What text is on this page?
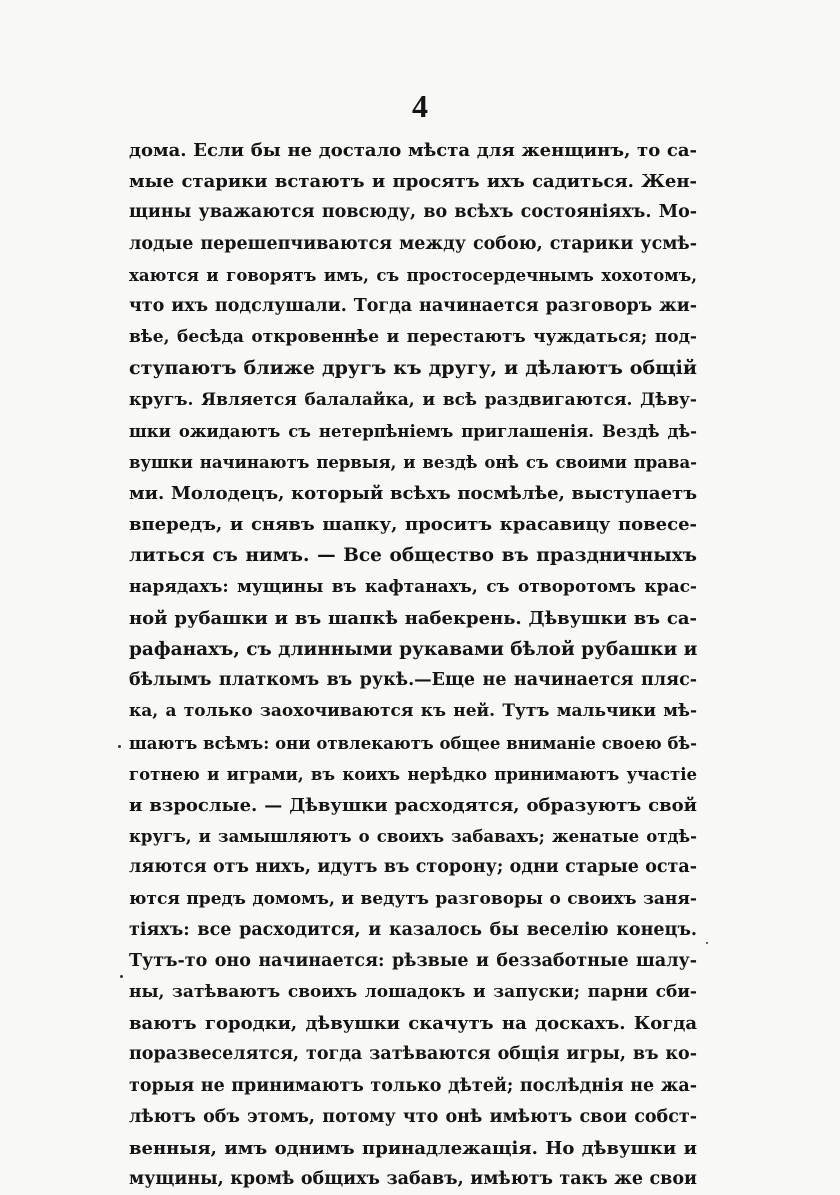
4
дома. Если бы не достало мѣста для женщинъ, то са-
мые старики встаютъ и просятъ ихъ садиться. Жен-
щины уважаются повсюду, во всѣхъ состояніяхъ. Мо-
лодые перешепчиваются между собою, старики усмѣ-
хаются и говорятъ имъ, съ простосердечнымъ хохотомъ,
что ихъ подслушали. Тогда начинается разговоръ жи-
вѣе, бесѣда откровеннѣе и перестаютъ чуждаться; под-
ступаютъ ближе другъ къ другу, и дѣлаютъ общій
кругъ. Является балалайка, и всѣ раздвигаются. Дѣву-
шки ожидаютъ съ нетерпѣніемъ приглашенія. Вездѣ дѣ-
вушки начинаютъ первыя, и вездѣ онѣ съ своими права-
ми. Молодецъ, который всѣхъ посмѣлѣе, выступаетъ
впередъ, и снявъ шапку, проситъ красавицу повесе-
литься съ нимъ. — Все общество въ праздничныхъ
нарядахъ: мущины въ кафтанахъ, съ отворотомъ крас-
ной рубашки и въ шапкѣ набекрень. Дѣвушки въ са-
рафанахъ, съ длинными рукавами бѣлой рубашки и
бѣлымъ платкомъ въ рукѣ.—Еще не начинается пляс-
ка, а только заохочиваются къ ней. Тутъ мальчики мѣ-
шаютъ всѣмъ: они отвлекаютъ общее вниманіе своею бѣ-
готнею и играми, въ коихъ нерѣдко принимаютъ участіе
и взрослые. — Дѣвушки расходятся, образуютъ свой
кругъ, и замышляютъ о своихъ забавахъ; женатые отдѣ-
ляются отъ нихъ, идутъ въ сторону; одни старые оста-
ются предъ домомъ, и ведутъ разговоры о своихъ заня-
тіяхъ: все расходится, и казалось бы веселію конецъ.
Тутъ-то оно начинается: рѣзвые и беззаботные шалу-
ны, затѣваютъ своихъ лошадокъ и запуски; парни сби-
ваютъ городки, дѣвушки скачутъ на доскахъ. Когда
поразвеселятся, тогда затѣваются общія игры, въ ко-
торыя не принимаютъ только дѣтей; послѣднія не жа-
лѣютъ объ этомъ, потому что онѣ имѣютъ свои собст-
венныя, имъ однимъ принадлежащія. Но дѣвушки и
мущины, кромѣ общихъ забавъ, имѣютъ такъ же свои
